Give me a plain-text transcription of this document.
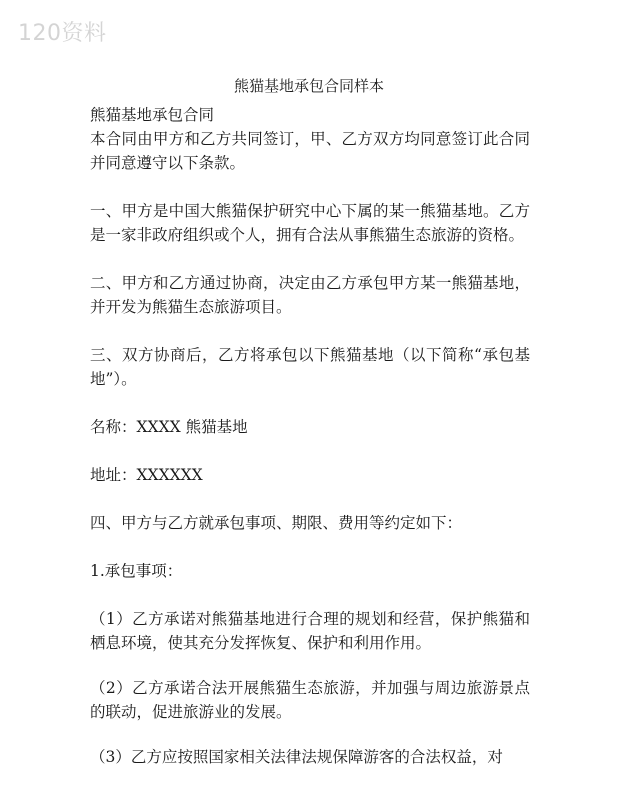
120资料
熊猫基地承包合同样本

熊猫基地承包合同

本合同由甲方和乙方共同签订，甲、乙方双方均同意签订此合同并同意遵守以下条款。

一、甲方是中国大熊猫保护研究中心下属的某一熊猫基地。乙方是一家非政府组织或个人，拥有合法从事熊猫生态旅游的资格。

二、甲方和乙方通过协商，决定由乙方承包甲方某一熊猫基地，并开发为熊猫生态旅游项目。

三、双方协商后，乙方将承包以下熊猫基地（以下简称“承包基地”）。

名称：XXXX 熊猫基地

地址：XXXXXX

四、甲方与乙方就承包事项、期限、费用等约定如下：

1.承包事项：

（1）乙方承诺对熊猫基地进行合理的规划和经营，保护熊猫和栖息环境，使其充分发挥恢复、保护和利用作用。

（2）乙方承诺合法开展熊猫生态旅游，并加强与周边旅游景点的联动，促进旅游业的发展。

（3）乙方应按照国家相关法律法规保障游客的合法权益，对
